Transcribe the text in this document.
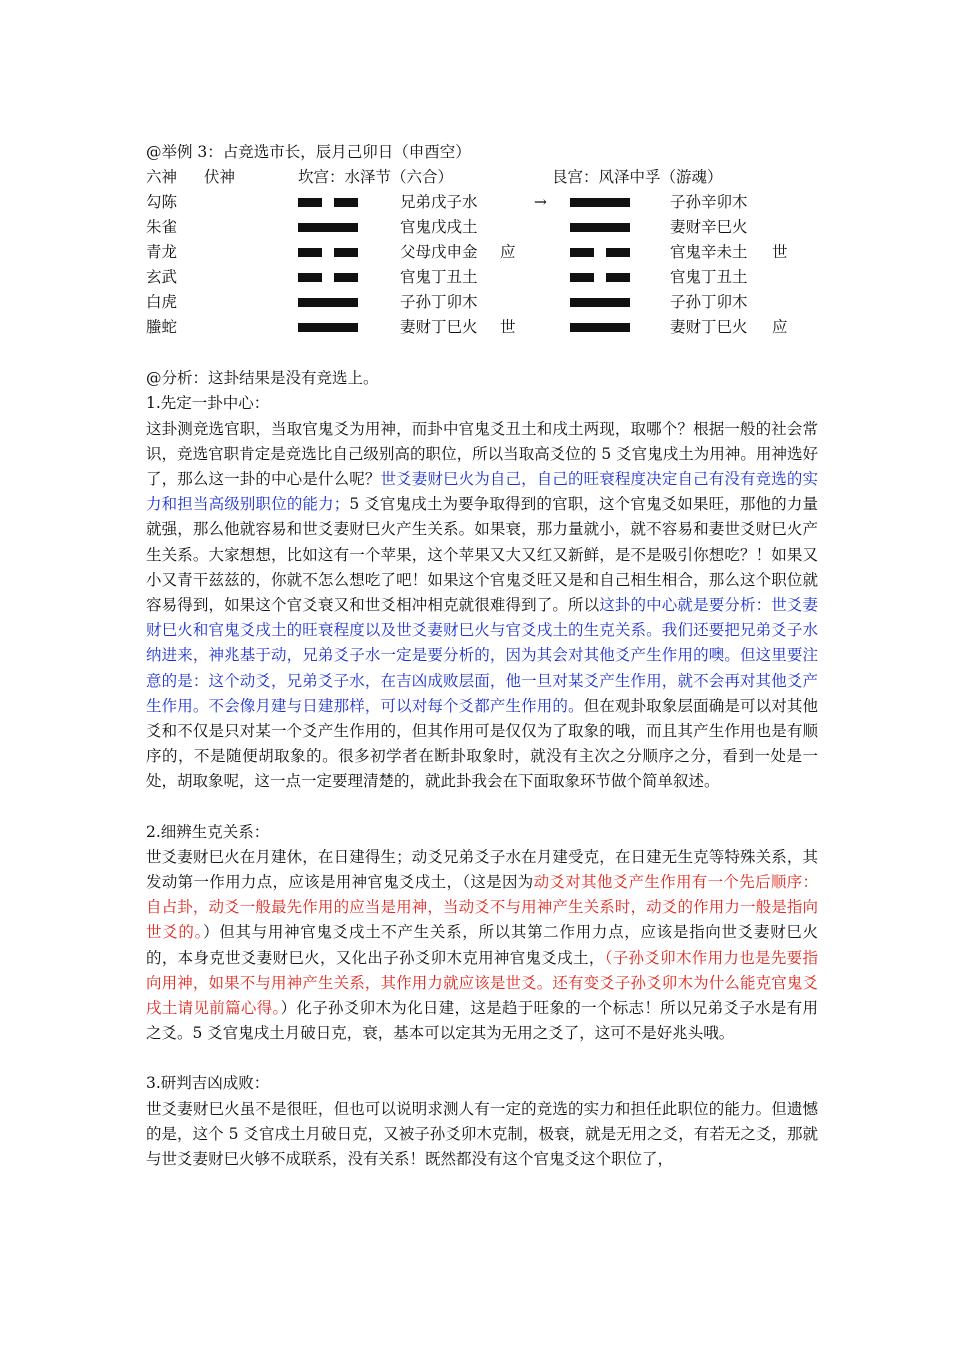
@举例 3：占竞选市长，辰月己卯日（申酉空）
六神 伏神	坎宫：水泽节（六合）	艮宫：风泽中孚（游魂）
勾陈	兄弟戊子水	→	子孙辛卯木
朱雀	官鬼戊戌土	妻财辛巳火
青龙	父母戊申金 应	官鬼辛未土 世
玄武	官鬼丁丑土	官鬼丁丑土
白虎	子孙丁卯木	子孙丁卯木
螣蛇	妻财丁巳火 世	妻财丁巳火 应
@分析：这卦结果是没有竞选上。
1.先定一卦中心：

这卦测竞选官职，当取官鬼爻为用神，而卦中官鬼爻丑土和戌土两现，取哪个？根据一般的社会常识，竞选官职肯定是竞选比自己级别高的职位，所以当取高爻位的 5 爻官鬼戌土为用神。用神选好了，那么这一卦的中心是什么呢？世爻妻财巳火为自己，自己的旺衰程度决定自己有没有竞选的实力和担当高级别职位的能力；5 爻官鬼戌土为要争取得到的官职，这个官鬼爻如果旺，那他的力量就强，那么他就容易和世爻妻财巳火产生关系。如果衰，那力量就小，就不容易和妻世爻财巳火产生关系。大家想想，比如这有一个苹果，这个苹果又大又红又新鲜，是不是吸引你想吃？！如果又小又青干兹兹的，你就不怎么想吃了吧！如果这个官鬼爻旺又是和自己相生相合，那么这个职位就容易得到，如果这个官爻衰又和世爻相冲相克就很难得到了。所以这卦的中心就是要分析：世爻妻财巳火和官鬼爻戌土的旺衰程度以及世爻妻财巳火与官爻戌土的生克关系。我们还要把兄弟爻子水纳进来，神兆基于动，兄弟爻子水一定是要分析的，因为其会对其他爻产生作用的噢。但这里要注意的是：这个动爻，兄弟爻子水，在吉凶成败层面，他一旦对某爻产生作用，就不会再对其他爻产生作用。不会像月建与日建那样，可以对每个爻都产生作用的。但在观卦取象层面确是可以对其他爻和不仅是只对某一个爻产生作用的，但其作用可是仅仅为了取象的哦，而且其产生作用也是有顺序的，不是随便胡取象的。很多初学者在断卦取象时，就没有主次之分顺序之分，看到一处是一处，胡取象呢，这一点一定要理清楚的，就此卦我会在下面取象环节做个简单叙述。

2.细辨生克关系：

世爻妻财巳火在月建休，在日建得生；动爻兄弟爻子水在月建受克，在日建无生克等特殊关系，其发动第一作用力点，应该是用神官鬼爻戌土，（这是因为动爻对其他爻产生作用有一个先后顺序：自占卦，动爻一般最先作用的应当是用神，当动爻不与用神产生关系时，动爻的作用力一般是指向世爻的。）但其与用神官鬼爻戌土不产生关系，所以其第二作用力点，应该是指向世爻妻财巳火的，本身克世爻妻财巳火，又化出子孙爻卯木克用神官鬼爻戌土，（子孙爻卯木作用力也是先要指向用神，如果不与用神产生关系，其作用力就应该是世爻。还有变爻子孙爻卯木为什么能克官鬼爻戌土请见前篇心得。）化子孙爻卯木为化日建，这是趋于旺象的一个标志！所以兄弟爻子水是有用之爻。5 爻官鬼戌土月破日克，衰，基本可以定其为无用之爻了，这可不是好兆头哦。

3.研判吉凶成败：

世爻妻财巳火虽不是很旺，但也可以说明求测人有一定的竞选的实力和担任此职位的能力。但遗憾的是，这个 5 爻官戌土月破日克，又被子孙爻卯木克制，极衰，就是无用之爻，有若无之爻，那就与世爻妻财巳火够不成联系，没有关系！既然都没有这个官鬼爻这个职位了，
